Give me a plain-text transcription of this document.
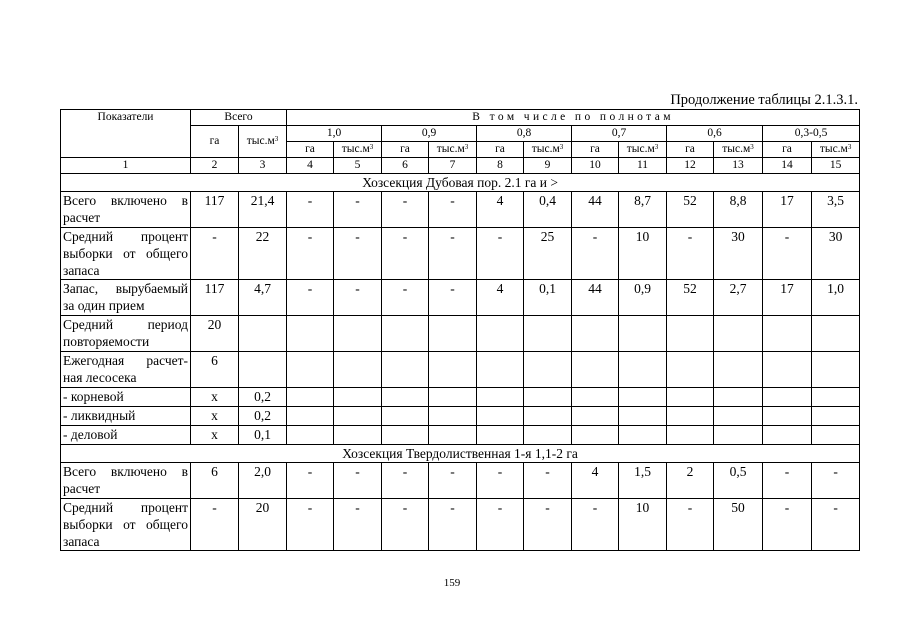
Продолжение таблицы 2.1.3.1.
Показатели	Всего		В том числе по полнотам											
	га	$тыс.м^3$	1,0		0,9		0,8		0,7		0,6		0,3-0,5	
			га	$тыс.м^3$	га	$тыс.м^3$	га	$тыс.м^3$	га	$тыс.м^3$	га	$тыс.м^3$	га	$тыс.м^3$
1	2	3	4	5	6	7	8	9	10	11	12	13	14	15
Хозсекция Дубовая пор. 2.1 га и >														
Всего включено в расчет	117	21,4	-	-	-	-	4	0,4	44	8,7	52	8,8	17	3,5
Средний процент выборки от общего запаса	-	22	-	-	-	-	-	25	-	10	-	30	-	30
Запас, вырубаемый за один прием	117	4,7	-	-	-	-	4	0,1	44	0,9	52	2,7	17	1,0
Средний период повторяемости	20													
Ежегодная расчет-ная лесосека	6													
- корневой	х	0,2												
- ликвидный	х	0,2												
- деловой	х	0,1												
Хозсекция Твердолиственная 1-я 1,1-2 га														
Всего включено в расчет	6	2,0	-	-	-	-	-	-	4	1,5	2	0,5	-	-
Средний процент выборки от общего запаса	-	20	-	-	-	-	-	-	-	10	-	50	-	-
159
